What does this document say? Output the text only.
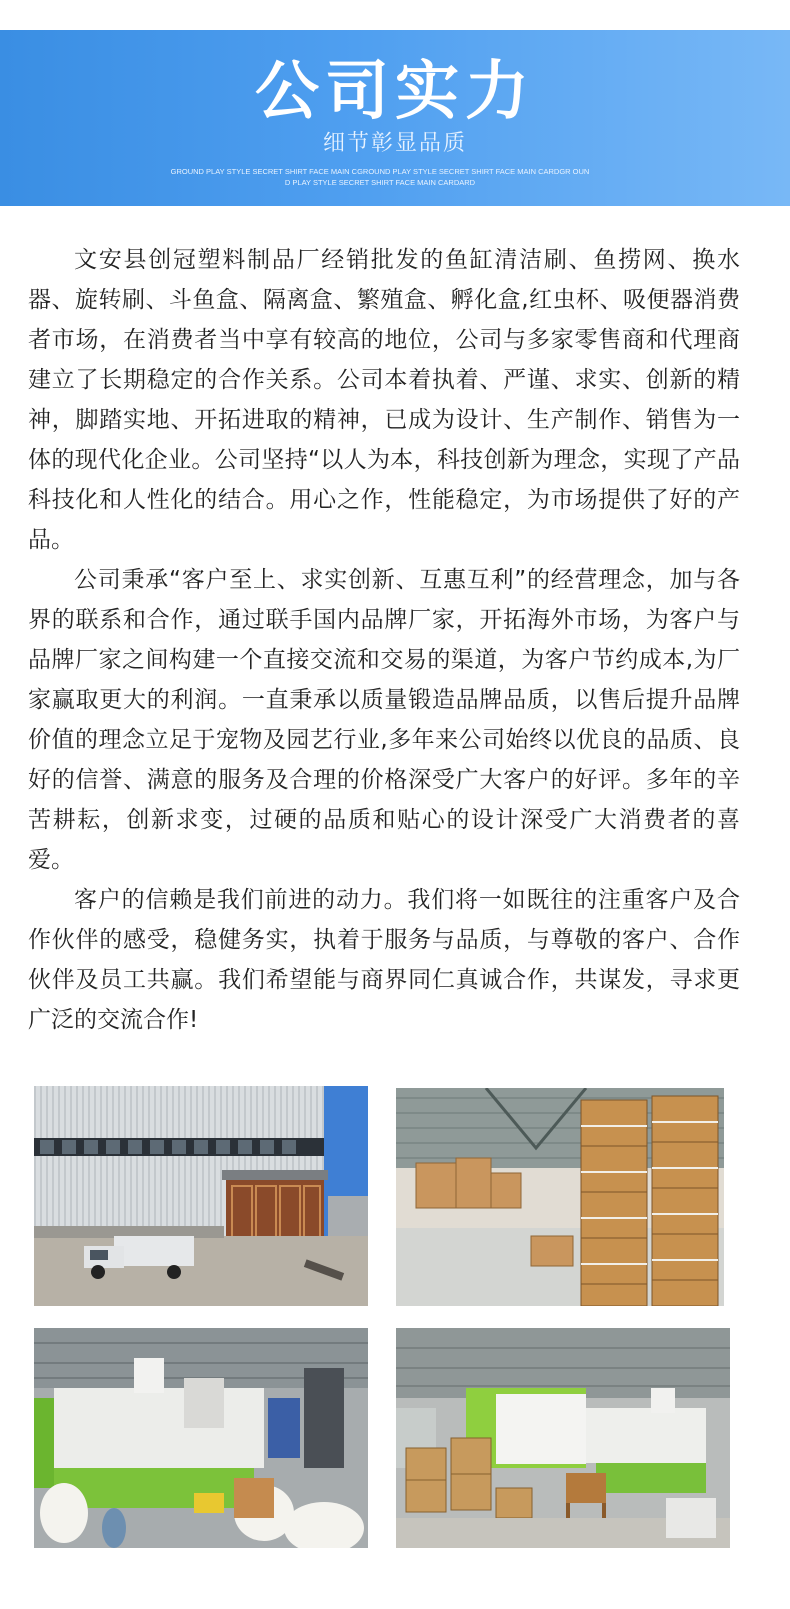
公司实力
细节彰显品质
GROUND PLAY STYLE SECRET SHIRT FACE MAIN CGROUND PLAY STYLE SECRET SHIRT FACE MAIN CARDGR OUND PLAY STYLE SECRET SHIRT FACE MAIN CARDARD

文安县创冠塑料制品厂经销批发的鱼缸清洁刷、鱼捞网、换水器、旋转刷、斗鱼盒、隔离盒、繁殖盒、孵化盒,红虫杯、吸便器消费者市场，在消费者当中享有较高的地位，公司与多家零售商和代理商建立了长期稳定的合作关系。公司本着执着、严谨、求实、创新的精神，脚踏实地、开拓进取的精神，已成为设计、生产制作、销售为一体的现代化企业。公司坚持“以人为本，科技创新为理念，实现了产品科技化和人性化的结合。用心之作，性能稳定，为市场提供了好的产品。

公司秉承“客户至上、求实创新、互惠互利”的经营理念，加与各界的联系和合作，通过联手国内品牌厂家，开拓海外市场，为客户与品牌厂家之间构建一个直接交流和交易的渠道，为客户节约成本,为厂家赢取更大的利润。一直秉承以质量锻造品牌品质，以售后提升品牌价值的理念立足于宠物及园艺行业,多年来公司始终以优良的品质、良好的信誉、满意的服务及合理的价格深受广大客户的好评。多年的辛苦耕耘，创新求变，过硬的品质和贴心的设计深受广大消费者的喜爱。

客户的信赖是我们前进的动力。我们将一如既往的注重客户及合作伙伴的感受，稳健务实，执着于服务与品质，与尊敬的客户、合作伙伴及员工共赢。我们希望能与商界同仁真诚合作，共谋发，寻求更广泛的交流合作!
